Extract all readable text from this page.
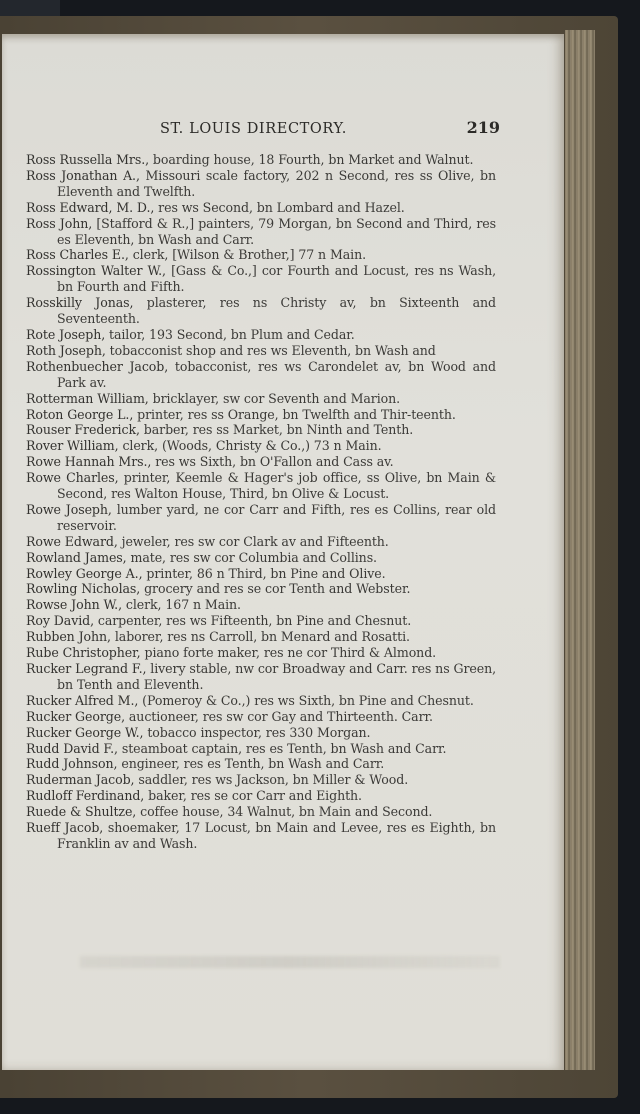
ST. LOUIS DIRECTORY.	219
Ross Russella Mrs., boarding house, 18 Fourth, bn Market and Walnut.
Ross Jonathan A., Missouri scale factory, 202 n Second, res ss Olive, bn Eleventh and Twelfth.
Ross Edward, M. D., res ws Second, bn Lombard and Hazel.
Ross John, [Stafford & R.,] painters, 79 Morgan, bn Second and Third, res es Eleventh, bn Wash and Carr.
Ross Charles E., clerk, [Wilson & Brother,] 77 n Main.
Rossington Walter W., [Gass & Co.,] cor Fourth and Locust, res ns Wash, bn Fourth and Fifth.
Rosskilly Jonas, plasterer, res ns Christy av, bn Sixteenth and Seventeenth.
Rote Joseph, tailor, 193 Second, bn Plum and Cedar.
Roth Joseph, tobacconist shop and res ws Eleventh, bn Wash and
Rothenbuecher Jacob, tobacconist, res ws Carondelet av, bn Wood and Park av.
Rotterman William, bricklayer, sw cor Seventh and Marion.
Roton George L., printer, res ss Orange, bn Twelfth and Thir-teenth.
Rouser Frederick, barber, res ss Market, bn Ninth and Tenth.
Rover William, clerk, (Woods, Christy & Co.,) 73 n Main.
Rowe Hannah Mrs., res ws Sixth, bn O'Fallon and Cass av.
Rowe Charles, printer, Keemle & Hager's job office, ss Olive, bn Main & Second, res Walton House, Third, bn Olive & Locust.
Rowe Joseph, lumber yard, ne cor Carr and Fifth, res es Collins, rear old reservoir.
Rowe Edward, jeweler, res sw cor Clark av and Fifteenth.
Rowland James, mate, res sw cor Columbia and Collins.
Rowley George A., printer, 86 n Third, bn Pine and Olive.
Rowling Nicholas, grocery and res se cor Tenth and Webster.
Rowse John W., clerk, 167 n Main.
Roy David, carpenter, res ws Fifteenth, bn Pine and Chesnut.
Rubben John, laborer, res ns Carroll, bn Menard and Rosatti.
Rube Christopher, piano forte maker, res ne cor Third & Almond.
Rucker Legrand F., livery stable, nw cor Broadway and Carr. res ns Green, bn Tenth and Eleventh.
Rucker Alfred M., (Pomeroy & Co.,) res ws Sixth, bn Pine and Chesnut.
Rucker George, auctioneer, res sw cor Gay and Thirteenth. Carr.
Rucker George W., tobacco inspector, res 330 Morgan.
Rudd David F., steamboat captain, res es Tenth, bn Wash and Carr.
Rudd Johnson, engineer, res es Tenth, bn Wash and Carr.
Ruderman Jacob, saddler, res ws Jackson, bn Miller & Wood.
Rudloff Ferdinand, baker, res se cor Carr and Eighth.
Ruede & Shultze, coffee house, 34 Walnut, bn Main and Second.
Rueff Jacob, shoemaker, 17 Locust, bn Main and Levee, res es Eighth, bn Franklin av and Wash.
